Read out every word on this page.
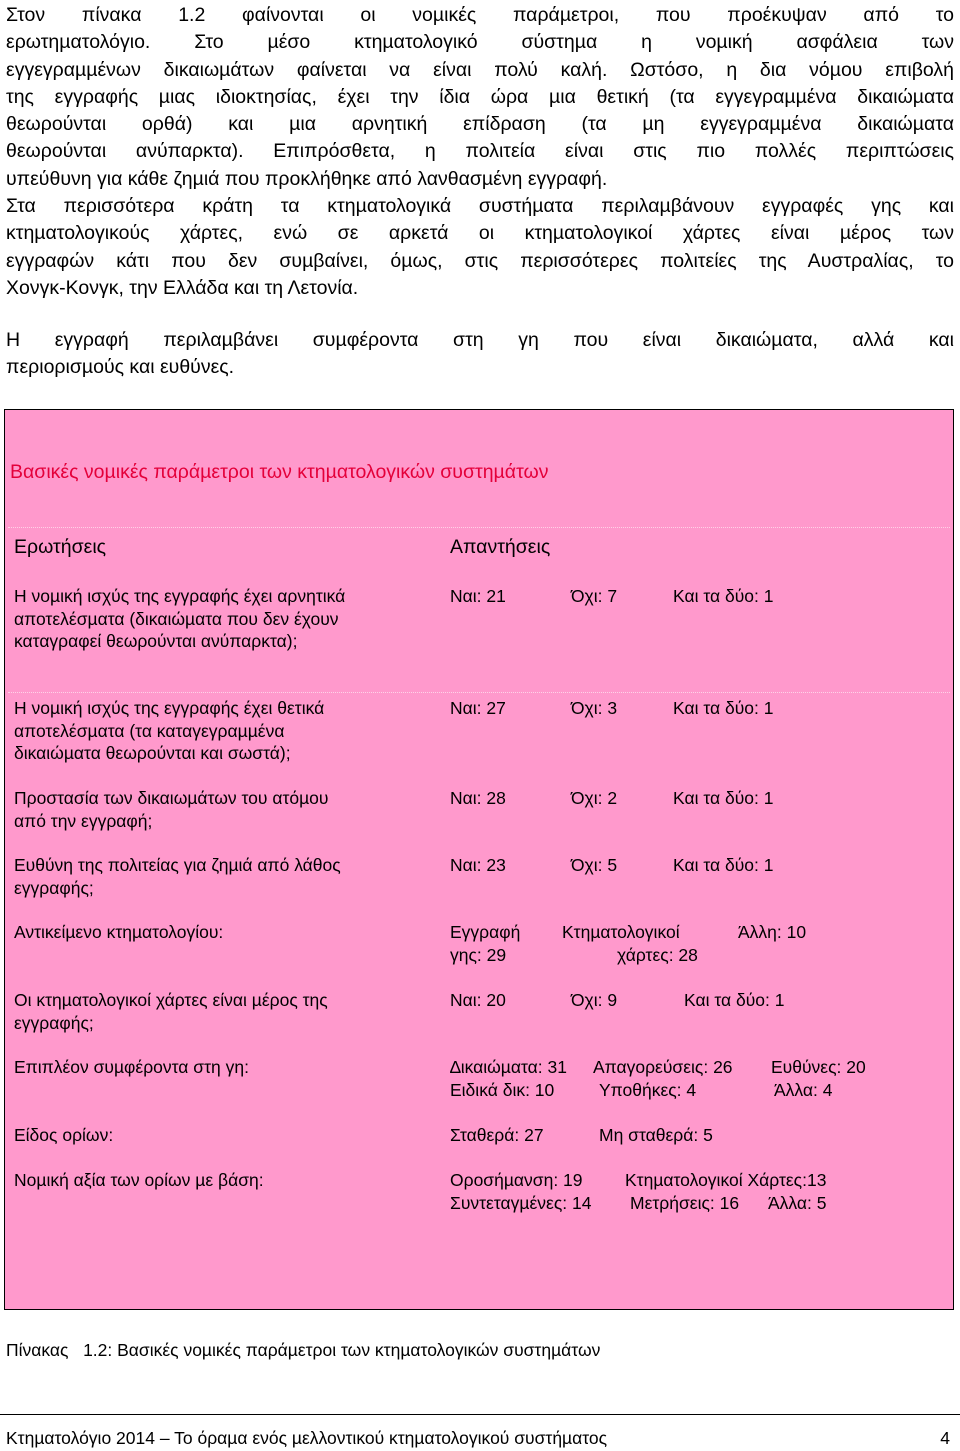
Στον πίνακα 1.2 φαίνονται οι νοµικές παράµετροι, που προέκυψαν από το
ερωτηµατολόγιο. Στο µέσο κτηµατολογικό σύστηµα η νοµική ασφάλεια των
εγγεγραµµένων δικαιωµάτων φαίνεται να είναι πολύ καλή. Ωστόσο, η δια νόµου επιβολή
της εγγραφής µιας ιδιοκτησίας, έχει την ίδια ώρα µια θετική (τα εγγεγραµµένα δικαιώµατα
θεωρούνται ορθά) και µια αρνητική επίδραση (τα µη εγγεγραµµένα δικαιώµατα
θεωρούνται ανύπαρκτα). Επιπρόσθετα, η πολιτεία είναι στις πιο πολλές περιπτώσεις
υπεύθυνη για κάθε ζηµιά που προκλήθηκε από λανθασµένη εγγραφή.
Στα περισσότερα κράτη τα κτηµατολογικά συστήµατα περιλαµβάνουν εγγραφές γης και
κτηµατολογικούς χάρτες, ενώ σε αρκετά οι κτηµατολογικοί χάρτες είναι µέρος των
εγγραφών κάτι που δεν συµβαίνει, όµως, στις περισσότερες πολιτείες της Αυστραλίας, το
Χονγκ-Κονγκ, την Ελλάδα και τη Λετονία.
Η εγγραφή περιλαµβάνει συµφέροντα στη γη που είναι δικαιώµατα, αλλά και
περιορισµούς και ευθύνες.
Βασικές νοµικές παράµετροι των κτηµατολογικών συστηµάτων
Ερωτήσεις	Απαντήσεις
Η νοµική ισχύς της εγγραφής έχει αρνητικά
αποτελέσµατα (δικαιώµατα που δεν έχουν
καταγραφεί θεωρούνται ανύπαρκτα);
Ναι: 21	Όχι: 7	Και τα δύο: 1
Η νοµική ισχύς της εγγραφής έχει θετικά
αποτελέσµατα (τα καταγεγραµµένα
δικαιώµατα θεωρούνται και σωστά);
Ναι: 27	Όχι: 3	Και τα δύο: 1
Προστασία των δικαιωµάτων του ατόµου
από την εγγραφή;
Ναι: 28	Όχι: 2	Και τα δύο: 1
Ευθύνη της πολιτείας για ζηµιά από λάθος
εγγραφής;
Ναι: 23	Όχι: 5	Και τα δύο: 1
Αντικείµενο κτηµατολογίου:	Εγγραφή Κτηµατολογικοί	Άλλη: 10
γης: 29	χάρτες: 28
Οι κτηµατολογικοί χάρτες είναι µέρος της
εγγραφής;
Ναι: 20	Όχι: 9	Και τα δύο: 1
Επιπλέον συµφέροντα στη γη:	∆ικαιώµατα: 31 Απαγορεύσεις: 26 Ευθύνες: 20
Ειδικά δικ: 10	Υποθήκες: 4	Άλλα: 4
Είδος ορίων:	Σταθερά: 27	Μη σταθερά: 5
Νοµική αξία των ορίων µε βάση:	Οροσήµανση: 19 Κτηµατολογικοί Χάρτες:13
Συντεταγµένες: 14 Μετρήσεις: 16 Άλλα: 5
Πίνακας   1.2: Βασικές νοµικές παράµετροι των κτηµατολογικών συστηµάτων
Κτηµατολόγιο 2014 – Το όραµα ενός µελλοντικού κτηµατολογικού συστήµατος	4
